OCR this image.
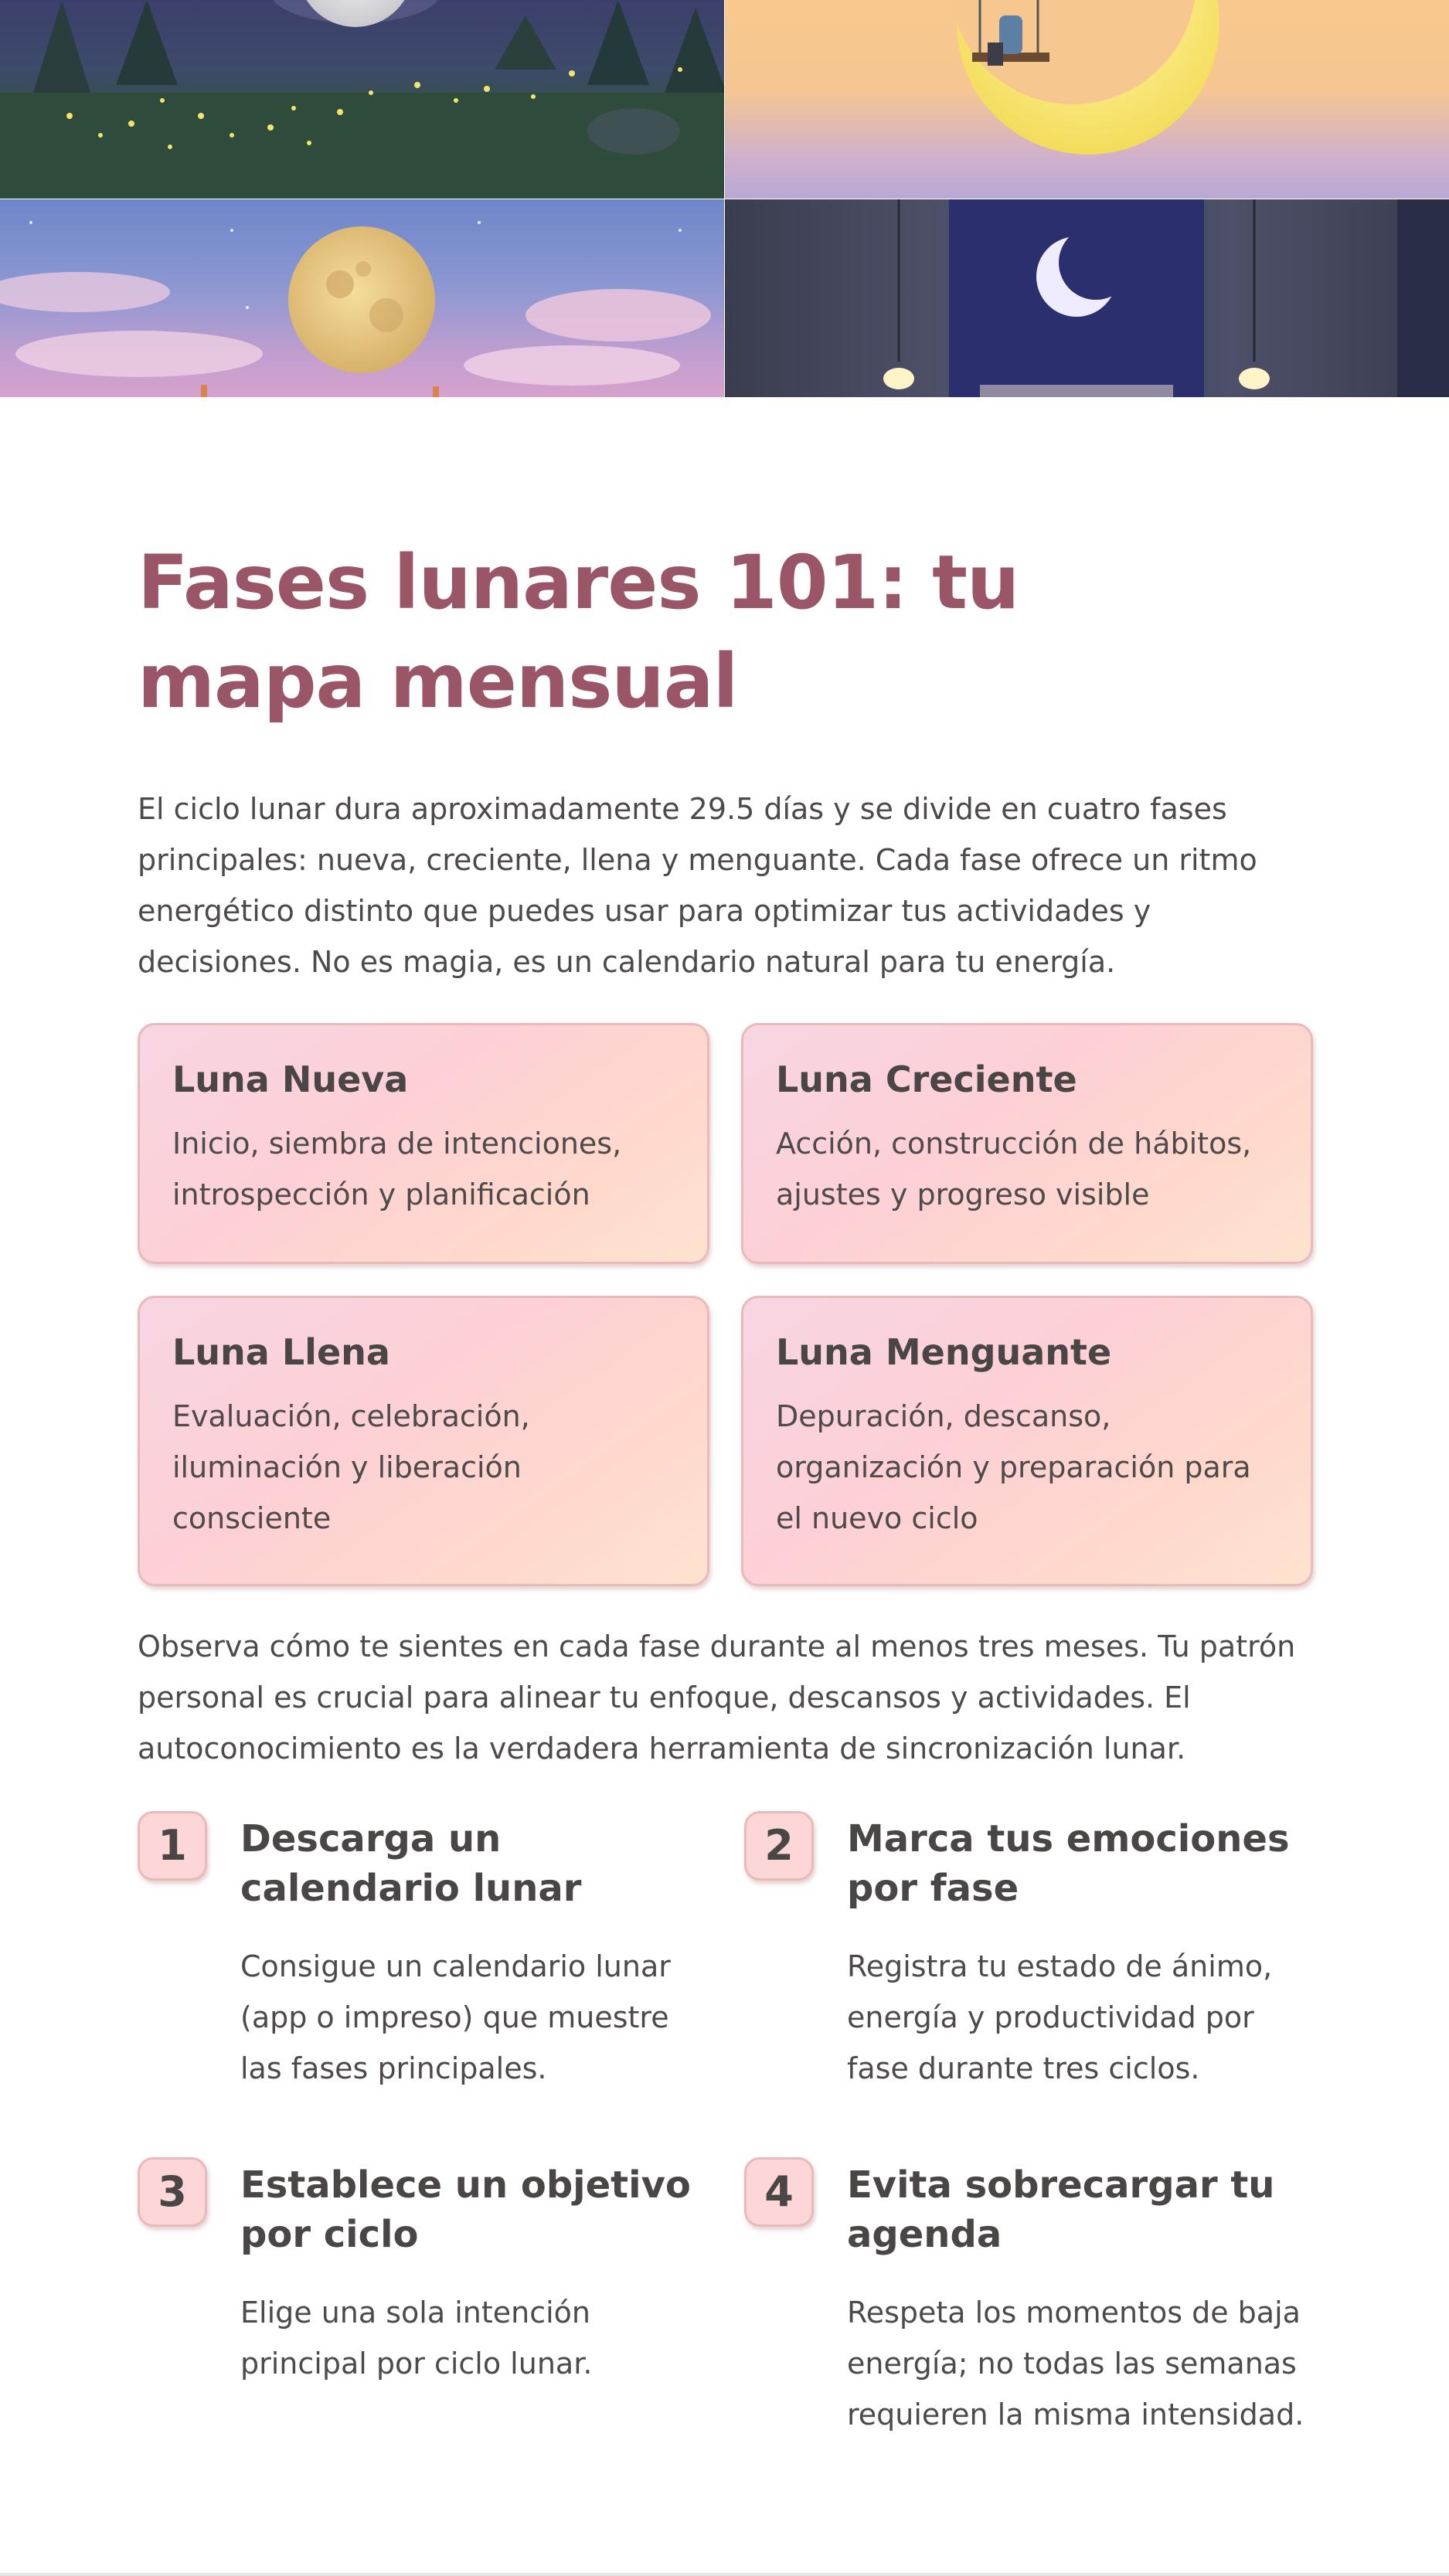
Fases lunares 101: tu mapa mensual

El ciclo lunar dura aproximadamente 29.5 días y se divide en cuatro fases principales: nueva, creciente, llena y menguante. Cada fase ofrece un ritmo energético distinto que puedes usar para optimizar tus actividades y decisiones. No es magia, es un calendario natural para tu energía.

Luna Nueva

Inicio, siembra de intenciones, introspección y planificación

Luna Creciente

Acción, construcción de hábitos, ajustes y progreso visible

Luna Llena

Evaluación, celebración, iluminación y liberación consciente

Luna Menguante

Depuración, descanso, organización y preparación para el nuevo ciclo

Observa cómo te sientes en cada fase durante al menos tres meses. Tu patrón personal es crucial para alinear tu enfoque, descansos y actividades. El autoconocimiento es la verdadera herramienta de sincronización lunar.

1	Descarga un calendario lunar

Consigue un calendario lunar (app o impreso) que muestre las fases principales.

2	Marca tus emociones por fase

Registra tu estado de ánimo, energía y productividad por fase durante tres ciclos.

3	Establece un objetivo por ciclo

Elige una sola intención principal por ciclo lunar.

4	Evita sobrecargar tu agenda

Respeta los momentos de baja energía; no todas las semanas requieren la misma intensidad.
